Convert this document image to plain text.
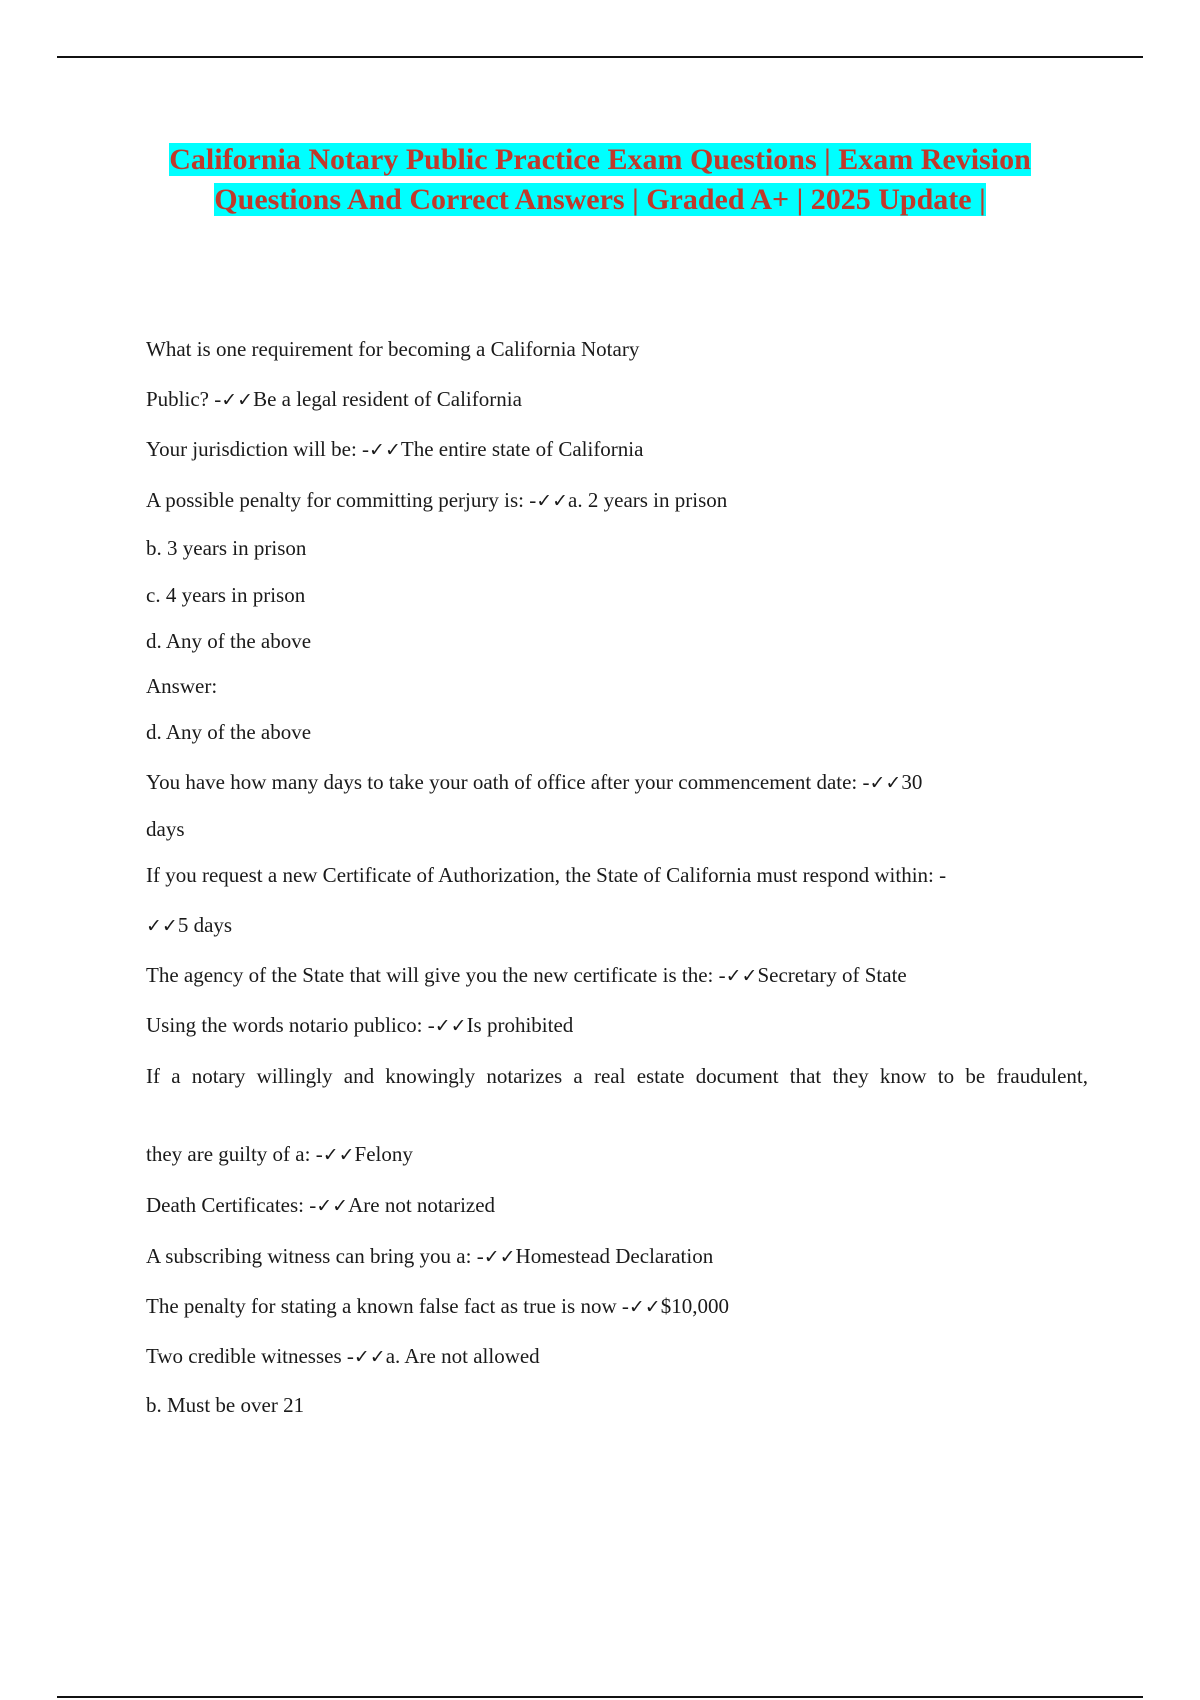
California Notary Public Practice Exam Questions | Exam Revision
Questions And Correct Answers | Graded A+ | 2025 Update |
What is one requirement for becoming a California Notary
Public? -✓✓Be a legal resident of California
Your jurisdiction will be: -✓✓The entire state of California
A possible penalty for committing perjury is: -✓✓a. 2 years in prison
b. 3 years in prison
c. 4 years in prison
d. Any of the above
Answer:
d. Any of the above
You have how many days to take your oath of office after your commencement date: -✓✓30
days
If you request a new Certificate of Authorization, the State of California must respond within: -
✓✓5 days
The agency of the State that will give you the new certificate is the: -✓✓Secretary of State
Using the words notario publico: -✓✓Is prohibited
If a notary willingly and knowingly notarizes a real estate document that they know to be fraudulent,
they are guilty of a: -✓✓Felony
Death Certificates: -✓✓Are not notarized
A subscribing witness can bring you a: -✓✓Homestead Declaration
The penalty for stating a known false fact as true is now -✓✓$10,000
Two credible witnesses -✓✓a. Are not allowed
b. Must be over 21
